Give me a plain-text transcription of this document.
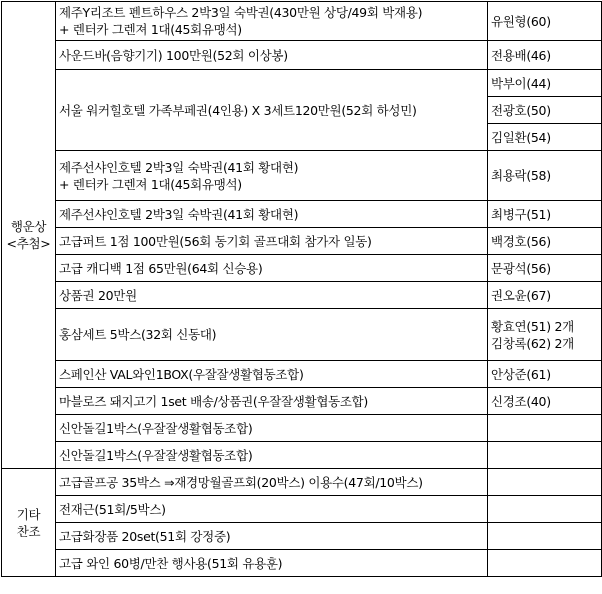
행운상
<추첨>	제주Y리조트 펜트하우스 2박3일 숙박권(430만원 상당/49회 박재용)
+ 렌터카 그렌져 1대(45회유맹석)	유원형(60)
	사운드바(음향기기) 100만원(52회 이상봉)	전용배(46)
	서울 워커힐호텔 가족부페권(4인용) X 3세트120만원(52회 하성민)	박부이(44)
		전광호(50)
		김일환(54)

	제주선샤인호텔 2박3일 숙박권(41회 황대현)
+ 렌터카 그렌져 1대(45회유맹석)	최용락(58)
	제주선샤인호텔 2박3일 숙박권(41회 황대현)	최병구(51)
	고급퍼트 1점 100만원(56회 동기회 골프대회 참가자 일동)	백경호(56)
	고급 캐디백 1점 65만원(64회 신승용)	문광석(56)
	상품권 20만원	권오윤(67)
	홍삼세트 5박스(32회 신동대)	황효연(51) 2개
김창록(62) 2개

	스페인산 VAL와인1BOX(우잘잘생활협동조합)	안상준(61)
	마블로즈 돼지고기 1set 배송/상품권(우잘잘생활협동조합)	신경조(40)
	신안돌길1박스(우잘잘생활협동조합)	
	신안돌길1박스(우잘잘생활협동조합)	

기타
찬조	고급골프공 35박스 ⇒재경망월골프회(20박스) 이용수(47회/10박스)	
	전재근(51회/5박스)	
	고급화장품 20set(51회 강정중)	
	고급 와인 60병/만찬 행사용(51회 유용훈)	
